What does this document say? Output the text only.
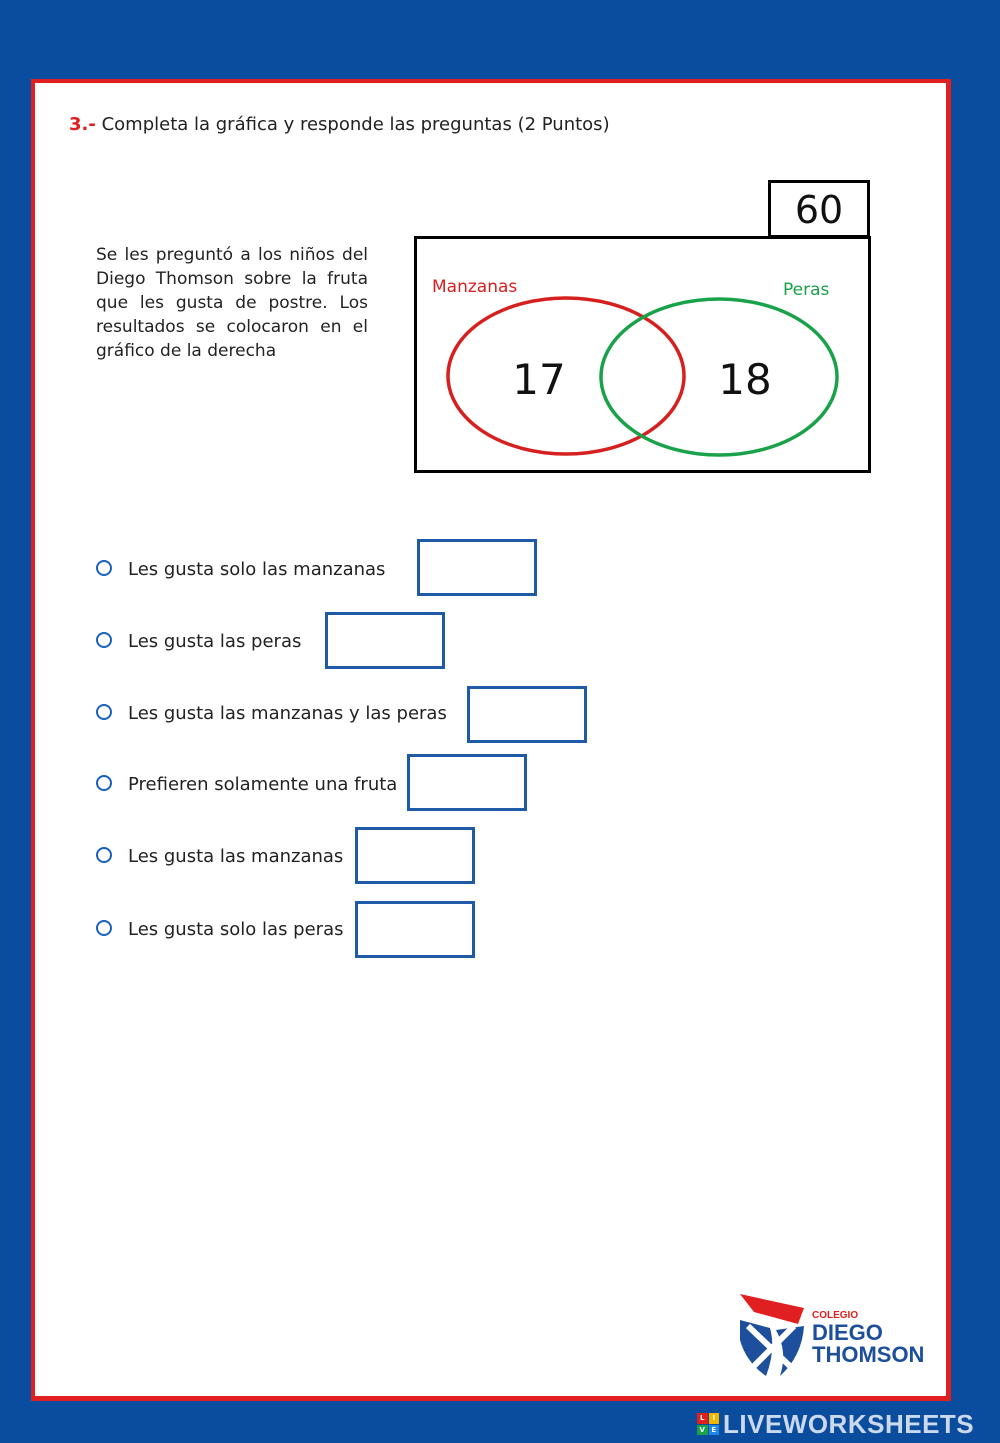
3.- Completa la gráfica y responde las preguntas (2 Puntos)
Se les preguntó a los niños del Diego Thomson sobre la fruta que les gusta de postre. Los resultados se colocaron en el gráfico de la derecha
60
Manzanas	Peras
17	18
Les gusta solo las manzanas
Les gusta las peras
Les gusta las manzanas y las peras
Prefieren solamente una fruta
Les gusta las manzanas
Les gusta solo las peras
COLEGIO
DIEGO
THOMSON
L	I
V E LIVEWORKSHEETS
